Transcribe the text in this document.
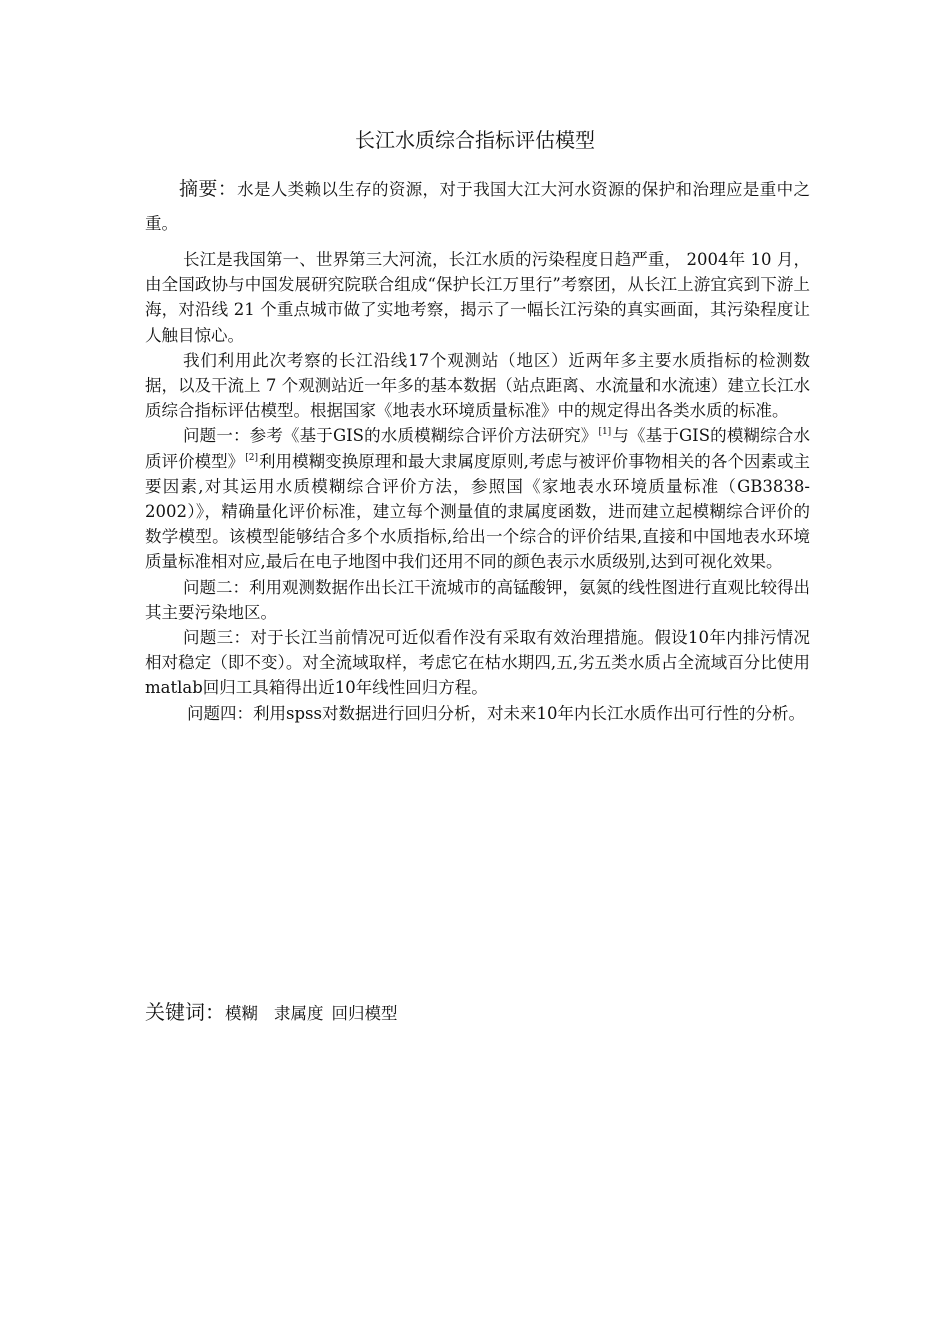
长江水质综合指标评估模型

摘要：水是人类赖以生存的资源，对于我国大江大河水资源的保护和治理应是重中之重。

长江是我国第一、世界第三大河流，长江水质的污染程度日趋严重， 2004年 10 月，由全国政协与中国发展研究院联合组成“保护长江万里行”考察团，从长江上游宜宾到下游上海，对沿线 21 个重点城市做了实地考察，揭示了一幅长江污染的真实画面，其污染程度让人触目惊心。

我们利用此次考察的长江沿线17个观测站（地区）近两年多主要水质指标的检测数据，以及干流上 7 个观测站近一年多的基本数据（站点距离、水流量和水流速）建立长江水质综合指标评估模型。根据国家《地表水环境质量标准》中的规定得出各类水质的标准。

问题一：参考《基于GIS的水质模糊综合评价方法研究》[1]与《基于GIS的模糊综合水质评价模型》[2]利用模糊变换原理和最大隶属度原则,考虑与被评价事物相关的各个因素或主要因素,对其运用水质模糊综合评价方法，参照国《家地表水环境质量标准（GB3838-2002）》，精确量化评价标准，建立每个测量值的隶属度函数，进而建立起模糊综合评价的数学模型。该模型能够结合多个水质指标,给出一个综合的评价结果,直接和中国地表水环境质量标准相对应,最后在电子地图中我们还用不同的颜色表示水质级别,达到可视化效果。

问题二：利用观测数据作出长江干流城市的高锰酸钾，氨氮的线性图进行直观比较得出其主要污染地区。

问题三：对于长江当前情况可近似看作没有采取有效治理措施。假设10年内排污情况相对稳定（即不变）。对全流域取样，考虑它在枯水期四,五,劣五类水质占全流域百分比使用matlab回归工具箱得出近10年线性回归方程。

问题四：利用spss对数据进行回归分析，对未来10年内长江水质作出可行性的分析。

关键词：模糊 隶属度 回归模型
